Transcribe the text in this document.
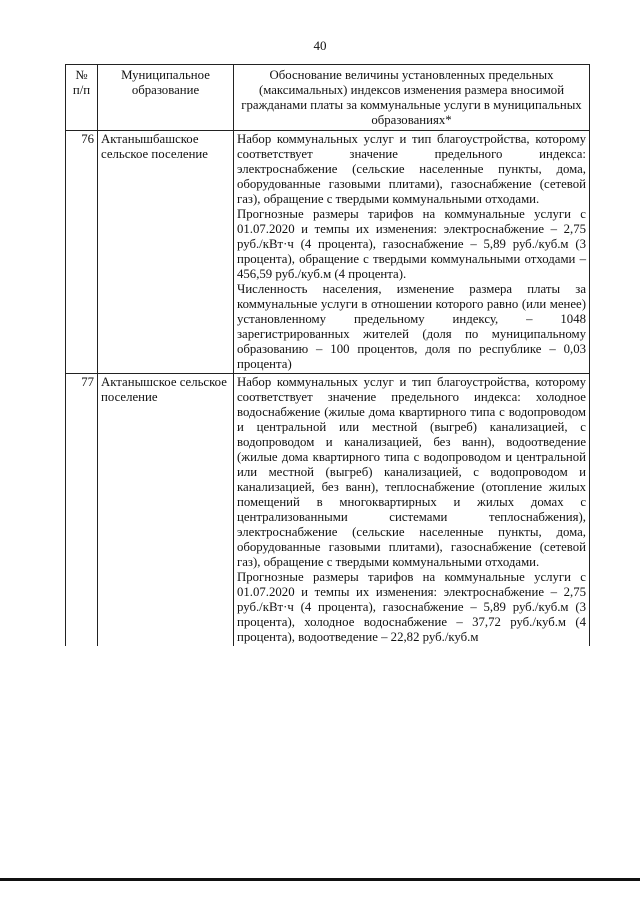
40
№ п/п	Муниципальное образование	Обоснование величины установленных предельных (максимальных) индексов изменения размера вносимой гражданами платы за коммунальные услуги в муниципальных образованиях*
76	Актанышбашское сельское поселение	Набор коммунальных услуг и тип благоустройства, которому соответствует значение предельного индекса: электроснабжение (сельские населенные пункты, дома, оборудованные газовыми плитами), газоснабжение (сетевой газ), обращение с твердыми коммунальными отходами.

Прогнозные размеры тарифов на коммунальные услуги с 01.07.2020 и темпы их изменения: электроснабжение – 2,75 руб./кВт·ч (4 процента), газоснабжение – 5,89 руб./куб.м (3 процента), обращение с твердыми коммунальными отходами – 456,59 руб./куб.м (4 процента).

Численность населения, изменение размера платы за коммунальные услуги в отношении которого равно (или менее) установленному предельному индексу, – 1048 зарегистрированных жителей (доля по муниципальному образованию – 100 процентов, доля по республике – 0,03 процента)

77	Актанышское сельское поселение	Набор коммунальных услуг и тип благоустройства, которому соответствует значение предельного индекса: холодное водоснабжение (жилые дома квартирного типа с водопроводом и центральной или местной (выгреб) канализацией, с водопроводом и канализацией, без ванн), водоотведение (жилые дома квартирного типа с водопроводом и центральной или местной (выгреб) канализацией, с водопроводом и канализацией, без ванн), теплоснабжение (отопление жилых помещений в многоквартирных и жилых домах с централизованными системами теплоснабжения), электроснабжение (сельские населенные пункты, дома, оборудованные газовыми плитами), газоснабжение (сетевой газ), обращение с твердыми коммунальными отходами.

Прогнозные размеры тарифов на коммунальные услуги с 01.07.2020 и темпы их изменения: электроснабжение – 2,75 руб./кВт·ч (4 процента), газоснабжение – 5,89 руб./куб.м (3 процента), холодное водоснабжение – 37,72 руб./куб.м (4 процента), водоотведение – 22,82 руб./куб.м
